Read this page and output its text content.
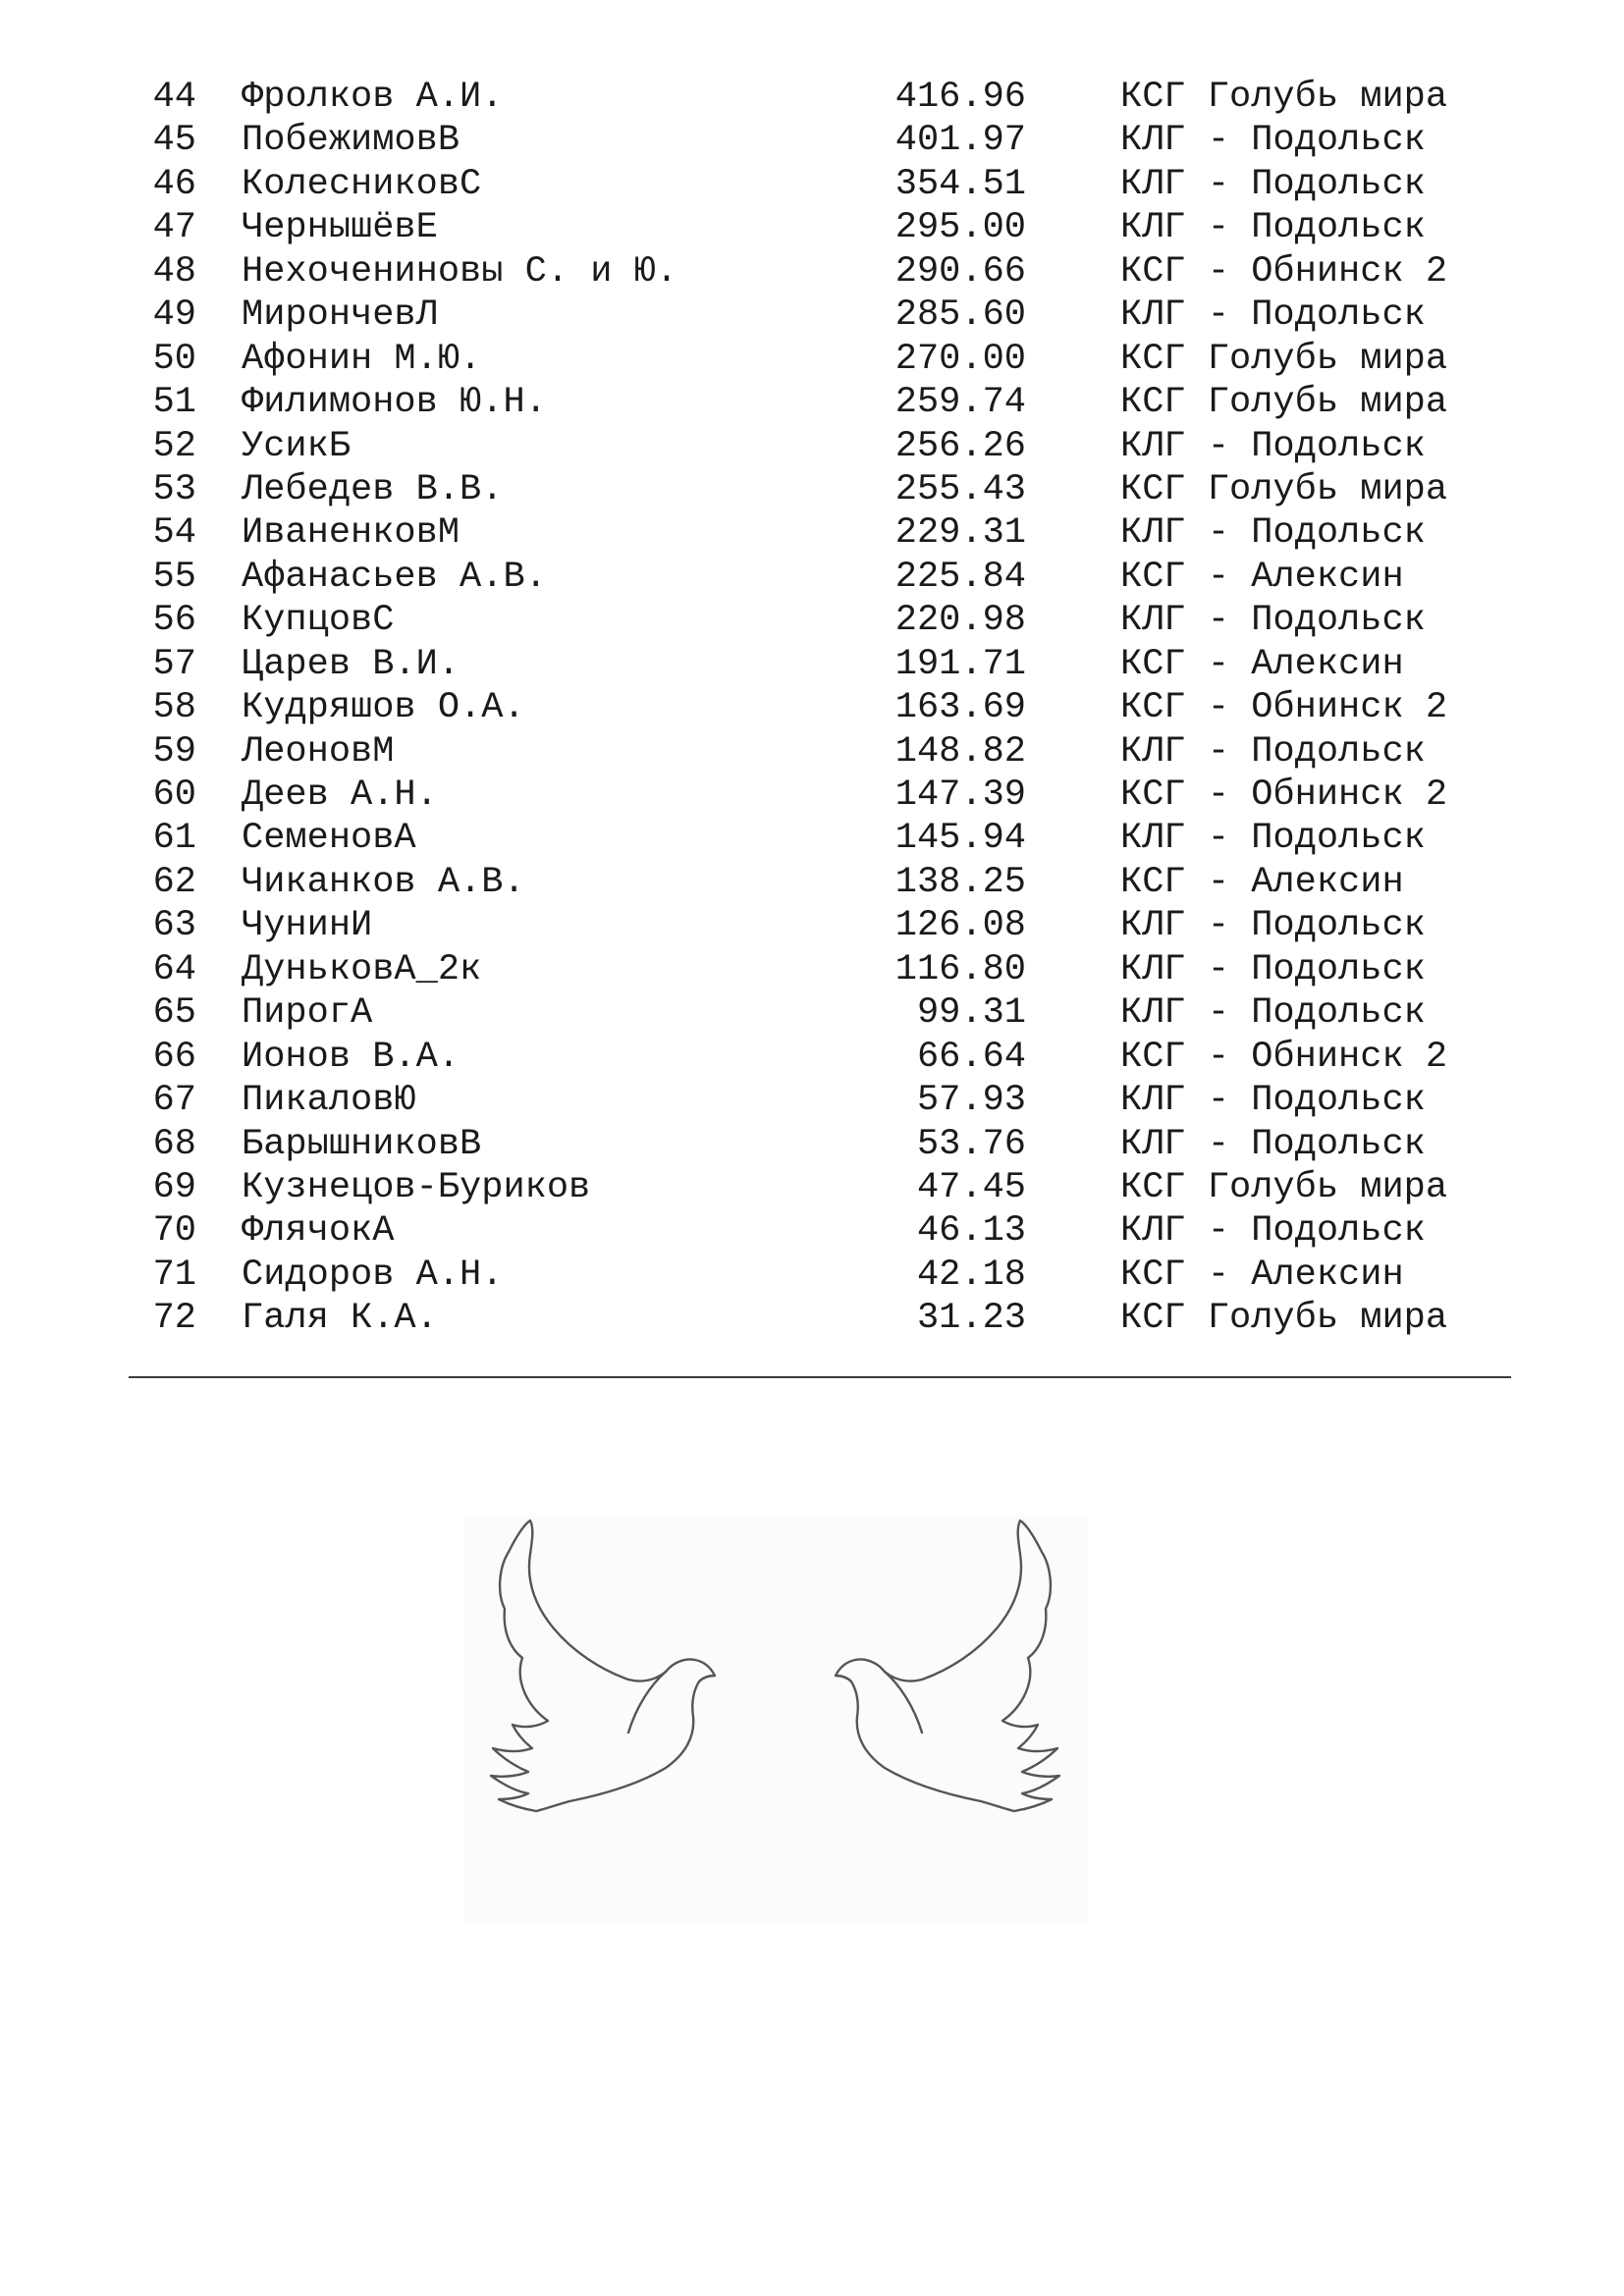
44 Фролков А.И.	416.96	КСГ Голубь мира
45 ПобежимовВ	401.97	КЛГ - Подольск
46 КолесниковС	354.51	КЛГ - Подольск
47 ЧернышёвЕ	295.00	КЛГ - Подольск
48 Нехочениновы С. и Ю.	290.66	КСГ - Обнинск 2
49 МирончевЛ	285.60	КЛГ - Подольск
50 Афонин М.Ю.	270.00	КСГ Голубь мира
51 Филимонов Ю.Н.	259.74	КСГ Голубь мира
52 УсикБ	256.26	КЛГ - Подольск
53 Лебедев В.В.	255.43	КСГ Голубь мира
54 ИваненковМ	229.31	КЛГ - Подольск
55 Афанасьев А.В.	225.84	КСГ - Алексин
56 КупцовС	220.98	КЛГ - Подольск
57 Царев В.И.	191.71	КСГ - Алексин
58 Кудряшов О.А.	163.69	КСГ - Обнинск 2
59 ЛеоновМ	148.82	КЛГ - Подольск
60 Деев А.Н.	147.39	КСГ - Обнинск 2
61 СеменовА	145.94	КЛГ - Подольск
62 Чиканков А.В.	138.25	КСГ - Алексин
63 ЧунинИ	126.08	КЛГ - Подольск
64 ДуньковА_2к	116.80	КЛГ - Подольск
65 ПирогА	99.31	КЛГ - Подольск
66 Ионов В.А.	66.64	КСГ - Обнинск 2
67 ПикаловЮ	57.93	КЛГ - Подольск
68 БарышниковВ	53.76	КЛГ - Подольск
69 Кузнецов-Буриков	47.45	КСГ Голубь мира
70 ФлячокА	46.13	КЛГ - Подольск
71 Сидоров А.Н.	42.18	КСГ - Алексин
72 Галя К.А.	31.23	КСГ Голубь мира
